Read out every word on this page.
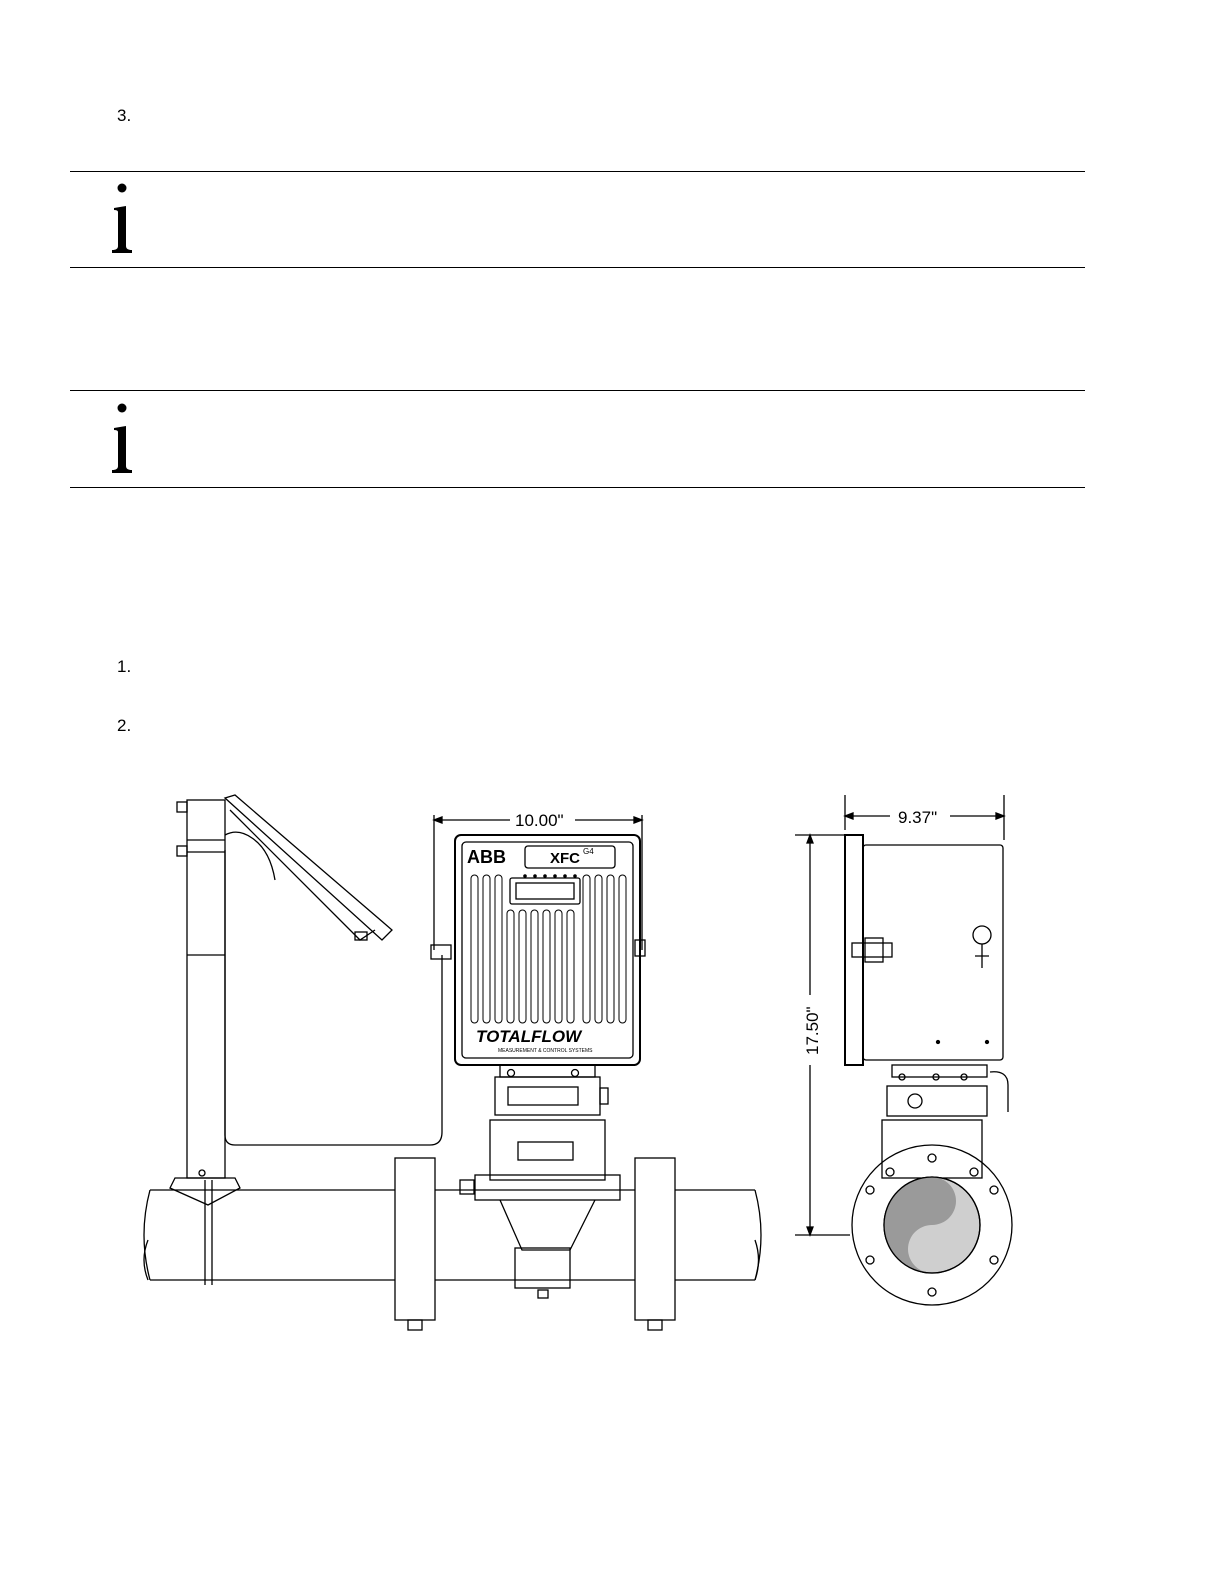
3.
1.
2.
ABB	XFC G4
TOTALFLOW
MEASUREMENT & CONTROL SYSTEMS
10.00"	9.37"
17.50"
